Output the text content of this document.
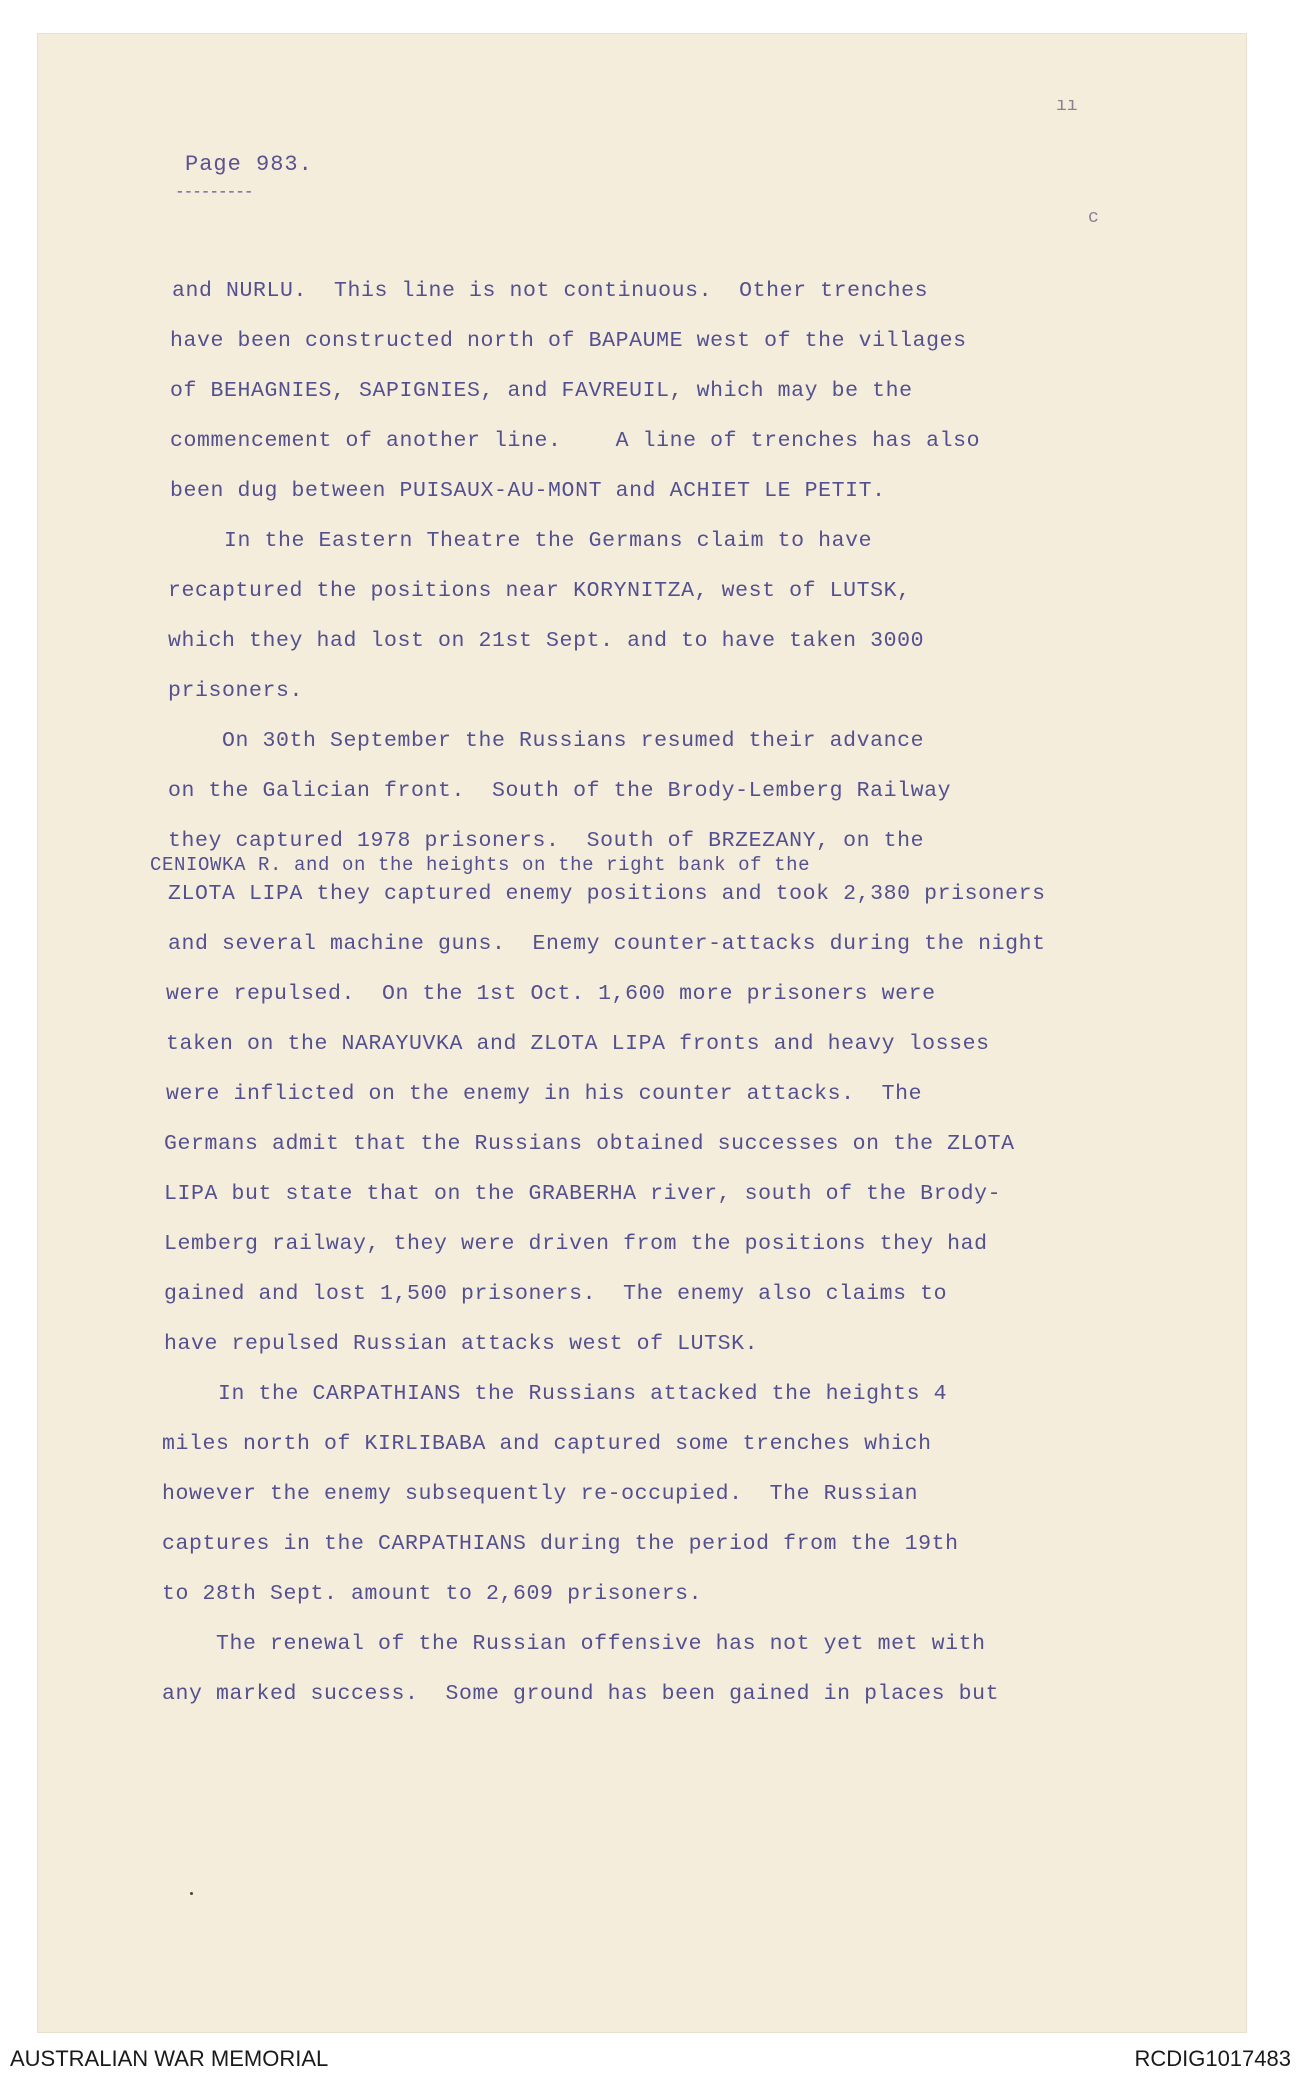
Page 983.
---------
ıı
c
and NURLU.  This line is not continuous.  Other trenches
have been constructed north of BAPAUME west of the villages
of BEHAGNIES, SAPIGNIES, and FAVREUIL, which may be the
commencement of another line.    A line of trenches has also
been dug between PUISAUX-AU-MONT and ACHIET LE PETIT.
In the Eastern Theatre the Germans claim to have
recaptured the positions near KORYNITZA, west of LUTSK,
which they had lost on 21st Sept. and to have taken 3000
prisoners.
On 30th September the Russians resumed their advance
on the Galician front.  South of the Brody-Lemberg Railway
they captured 1978 prisoners.  South of BRZEZANY, on the
CENIOWKA R. and on the heights on the right bank of the
ZLOTA LIPA they captured enemy positions and took 2,380 prisoners
and several machine guns.  Enemy counter-attacks during the night
were repulsed.  On the 1st Oct. 1,600 more prisoners were
taken on the NARAYUVKA and ZLOTA LIPA fronts and heavy losses
were inflicted on the enemy in his counter attacks.  The
Germans admit that the Russians obtained successes on the ZLOTA
LIPA but state that on the GRABERHA river, south of the Brody-
Lemberg railway, they were driven from the positions they had
gained and lost 1,500 prisoners.  The enemy also claims to
have repulsed Russian attacks west of LUTSK.
In the CARPATHIANS the Russians attacked the heights 4
miles north of KIRLIBABA and captured some trenches which
however the enemy subsequently re-occupied.  The Russian
captures in the CARPATHIANS during the period from the 19th
to 28th Sept. amount to 2,609 prisoners.
The renewal of the Russian offensive has not yet met with
any marked success.  Some ground has been gained in places but
AUSTRALIAN WAR MEMORIAL	RCDIG1017483
